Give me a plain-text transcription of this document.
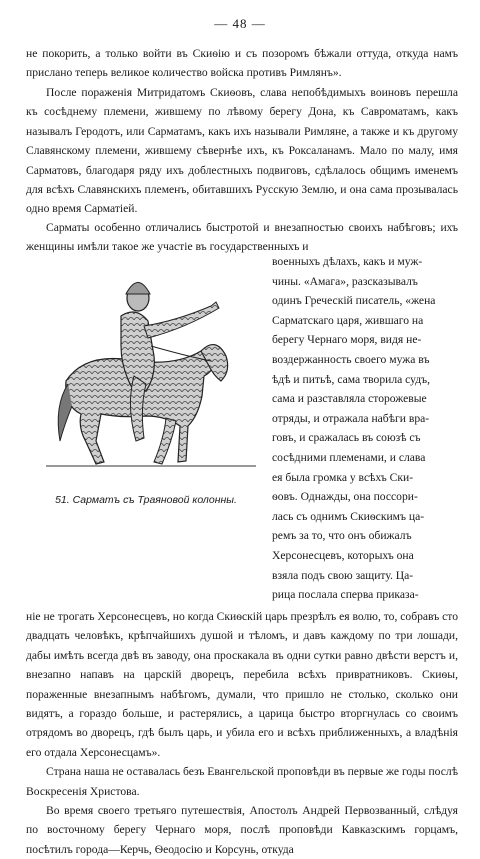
— 48 —

не покорить, а только войти въ Скиѳію и съ позоромъ бѣжали оттуда, откуда намъ прислано теперь великое количество войска противъ Римлянъ».

После пораженія Митридатомъ Скиѳовъ, слава непобѣдимыхъ воиновъ перешла къ сосѣднему племени, жившему по лѣвому берегу Дона, къ Савроматамъ, какъ называлъ Геродотъ, или Сарматамъ, какъ ихъ называли Римляне, а также и къ другому Славянскому племени, жившему сѣвернѣе ихъ, къ Роксаланамъ. Мало по малу, имя Сарматовъ, благодаря ряду ихъ доблестныхъ подвиговъ, сдѣлалось общимъ именемъ для всѣхъ Славянскихъ племенъ, обитавшихъ Русскую Землю, и она сама прозывалась одно время Сарматіей.

Сарматы особенно отличались быстротой и внезапностью своихъ набѣговъ; ихъ женщины имѣли такое же участіе въ государственныхъ и

51. Сарматъ съ Траяновой колонны.
военныхъ дѣлахъ, какъ и муж-
чины. «Амага», разсказывалъ
одинъ Греческій писатель, «жена
Сарматскаго царя, жившаго на
берегу Чернаго моря, видя не-
воздержанность своего мужа въ
ѣдѣ и питьѣ, сама творила судъ,
сама и разставляла сторожевые
отряды, и отражала набѣги вра-
говъ, и сражалась въ союзѣ съ
сосѣдними племенами, и слава
ея была громка у всѣхъ Ски-
ѳовъ. Однажды, она поссори-
лась съ однимъ Скиѳскимъ ца-
ремъ за то, что онъ обижалъ
Херсонесцевъ, которыхъ она
взяла подъ свою защиту. Ца-
рица послала сперва приказа-

ніе не трогать Херсонесцевъ, но когда Скиѳскій царь презрѣлъ ея волю, то, собравъ сто двадцать человѣкъ, крѣпчайшихъ душой и тѣломъ, и давъ каждому по три лошади, дабы имѣть всегда двѣ въ заводу, она проскакала въ одни сутки равно двѣсти верстъ и, внезапно напавъ на царскій дворецъ, перебила всѣхъ привратниковъ. Скиѳы, пораженные внезапнымъ набѣгомъ, думали, что пришло не столько, сколько они видятъ, а гораздо больше, и растерялись, а царица быстро вторгнулась со своимъ отрядомъ во дворецъ, гдѣ былъ царь, и убила его и всѣхъ приближенныхъ, а владѣнія его отдала Херсонесцамъ».

Страна наша не оставалась безъ Евангельской проповѣди въ первые же годы послѣ Воскресенія Христова.

Во время своего третьяго путешествія, Апостолъ Андрей Первозванный, слѣдуя по восточному берегу Чернаго моря, послѣ проповѣди Кавказскимъ горцамъ, посѣтилъ города—Керчь, Ѳеодосію и Корсунь, откуда
